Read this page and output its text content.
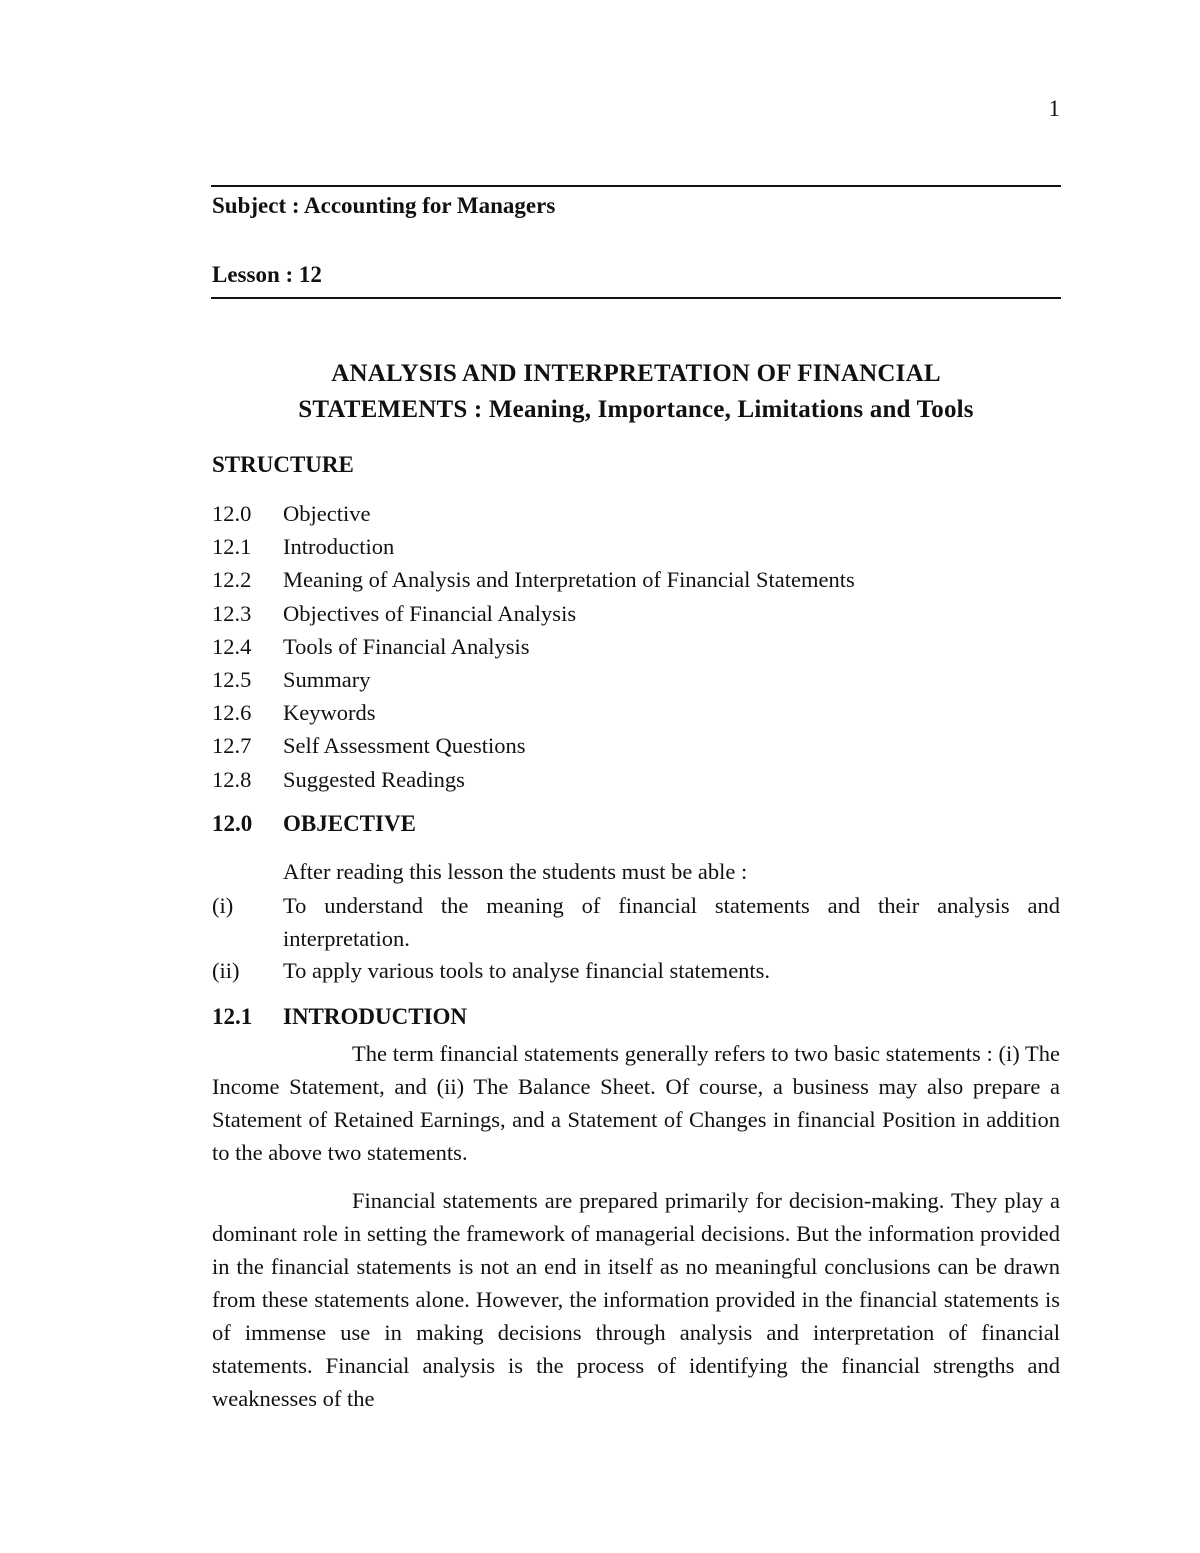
1
Subject : Accounting for Managers
Lesson : 12
ANALYSIS AND INTERPRETATION OF FINANCIAL
STATEMENTS : Meaning, Importance, Limitations and Tools
STRUCTURE
12.0 Objective
12.1 Introduction
12.2 Meaning of Analysis and Interpretation of Financial Statements
12.3 Objectives of Financial Analysis
12.4 Tools of Financial Analysis
12.5 Summary
12.6 Keywords
12.7 Self Assessment Questions
12.8 Suggested Readings
12.0 OBJECTIVE
After reading this lesson the students must be able :
(i) To understand the meaning of financial statements and their analysis and
interpretation.
(ii) To apply various tools to analyse financial statements.
12.1 INTRODUCTION

The term financial statements generally refers to two basic statements : (i) The Income Statement, and (ii) The Balance Sheet. Of course, a business may also prepare a Statement of Retained Earnings, and a Statement of Changes in financial Position in addition to the above two statements.

Financial statements are prepared primarily for decision-making. They play a dominant role in setting the framework of managerial decisions. But the information provided in the financial statements is not an end in itself as no meaningful conclusions can be drawn from these statements alone. However, the information provided in the financial statements is of immense use in making decisions through analysis and interpretation of financial statements. Financial analysis is the process of identifying the financial strengths and weaknesses of the
